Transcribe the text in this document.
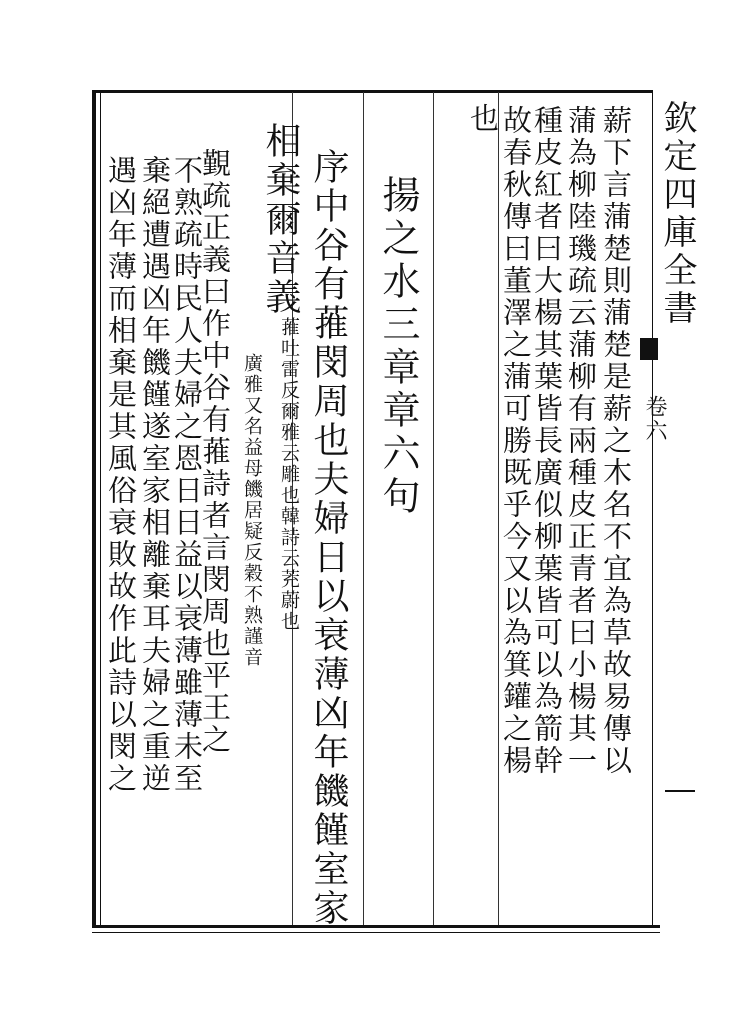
欽定四庫全書
卷六
薪下言蒲楚則蒲楚是薪之木名不宜為草故易傳以
蒲為柳陸璣疏云蒲柳有兩種皮正青者曰小楊其一
種皮紅者曰大楊其葉皆長廣似柳葉皆可以為箭幹
故春秋傳曰董澤之蒲可勝既乎今又以為箕鑵之楊
也
揚之水三章章六句
序中谷有蓷閔周也夫婦日以衰薄凶年饑饉室家
相棄爾音義蓷吐雷反爾雅云雕也韓詩云茺蔚也
廣雅又名益母饑居疑反穀不熟謹音
覲疏正義曰作中谷有蓷詩者言閔周也平王之
不熟疏時民人夫婦之恩日日益以衰薄雖薄未至
棄絕遭遇凶年饑饉遂室家相離棄耳夫婦之重逆
遇凶年薄而相棄是其風俗衰敗故作此詩以閔之
